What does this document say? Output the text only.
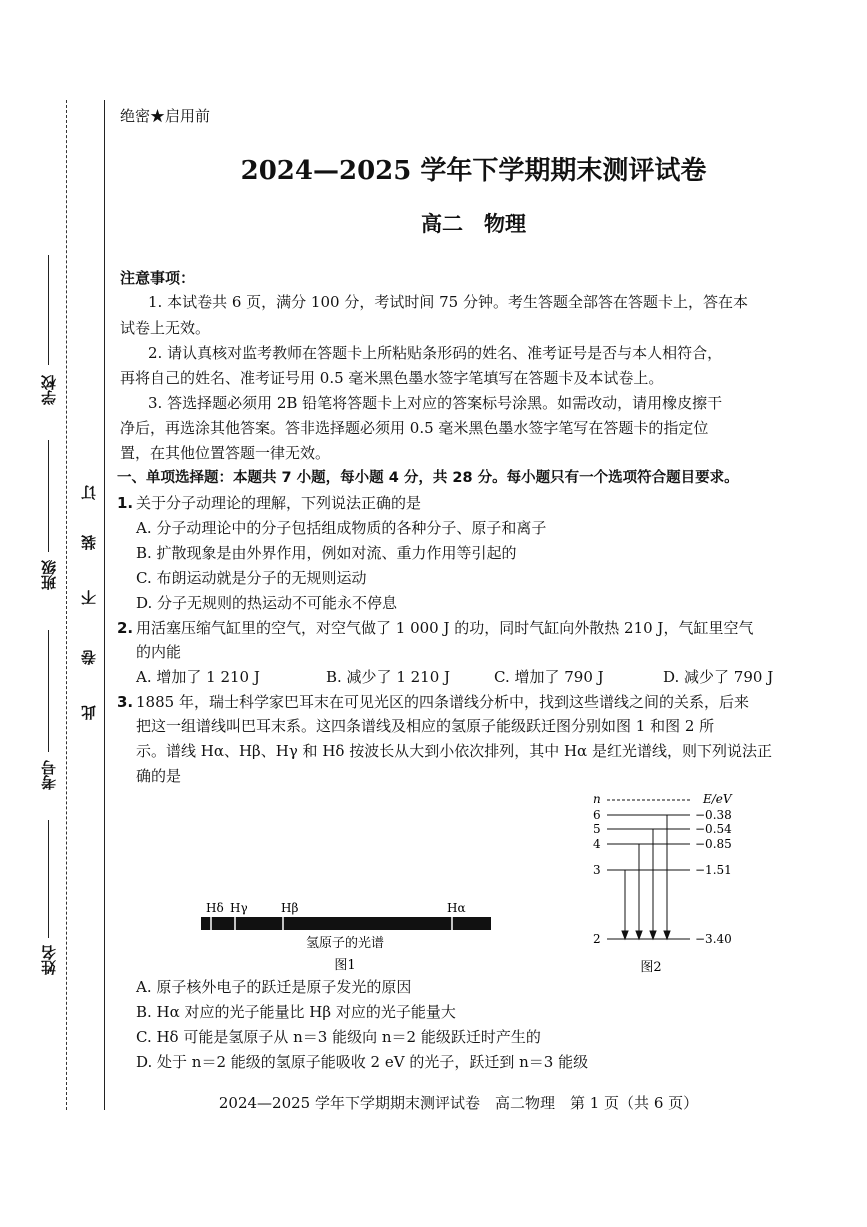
学校
班级
考号
姓名
订
装
不
卷
此
绝密★启用前
2024—2025 学年下学期期末测评试卷
高二　物理
注意事项：
1. 本试卷共 6 页，满分 100 分，考试时间 75 分钟。考生答题全部答在答题卡上，答在本
试卷上无效。
2. 请认真核对监考教师在答题卡上所粘贴条形码的姓名、准考证号是否与本人相符合，
再将自己的姓名、准考证号用 0.5 毫米黑色墨水签字笔填写在答题卡及本试卷上。
3. 答选择题必须用 2B 铅笔将答题卡上对应的答案标号涂黑。如需改动，请用橡皮擦干
净后，再选涂其他答案。答非选择题必须用 0.5 毫米黑色墨水签字笔写在答题卡的指定位
置，在其他位置答题一律无效。
一、单项选择题：本题共 7 小题，每小题 4 分，共 28 分。每小题只有一个选项符合题目要求。
1. 关于分子动理论的理解，下列说法正确的是
A. 分子动理论中的分子包括组成物质的各种分子、原子和离子
B. 扩散现象是由外界作用，例如对流、重力作用等引起的
C. 布朗运动就是分子的无规则运动
D. 分子无规则的热运动不可能永不停息
2. 用活塞压缩气缸里的空气，对空气做了 1 000 J 的功，同时气缸向外散热 210 J，气缸里空气
的内能
A. 增加了 1 210 J	B. 减少了 1 210 J	C. 增加了 790 J	D. 减少了 790 J
3. 1885 年，瑞士科学家巴耳末在可见光区的四条谱线分析中，找到这些谱线之间的关系，后来
把这一组谱线叫巴耳末系。这四条谱线及相应的氢原子能级跃迁图分别如图 1 和图 2 所
示。谱线 Hα、Hβ、Hγ 和 Hδ 按波长从大到小依次排列，其中 Hα 是红光谱线，则下列说法正
确的是
Hδ Hγ	Hβ	Hα
氢原子的光谱
图1
n	E/eV
6	−0.38
5	−0.54
4	−0.85
3	−1.51
2	−3.40
图2
A. 原子核外电子的跃迁是原子发光的原因
B. Hα 对应的光子能量比 Hβ 对应的光子能量大
C. Hδ 可能是氢原子从 n＝3 能级向 n＝2 能级跃迁时产生的
D. 处于 n＝2 能级的氢原子能吸收 2 eV 的光子，跃迁到 n＝3 能级
2024—2025 学年下学期期末测评试卷　高二物理　第 1 页（共 6 页）
